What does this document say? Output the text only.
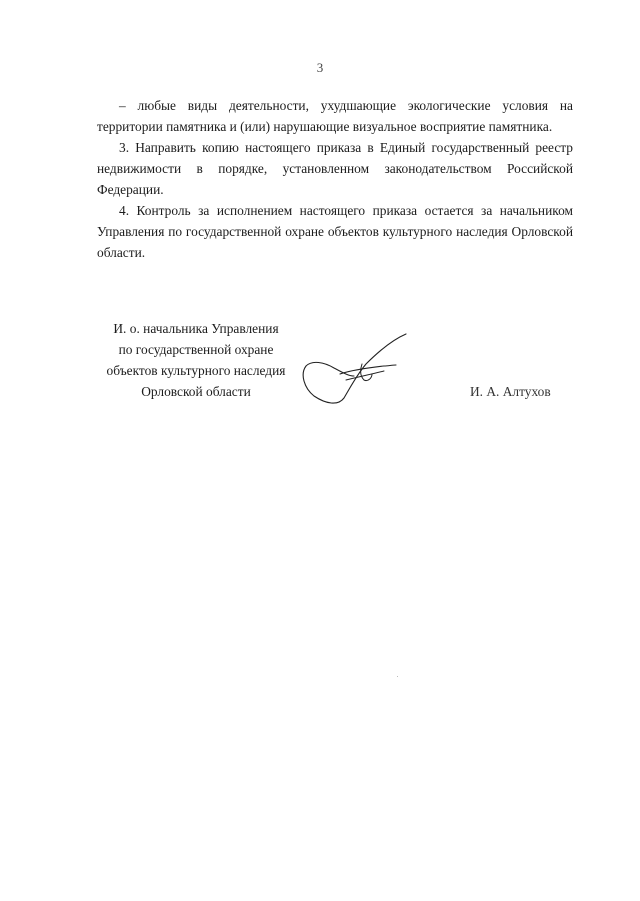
3

– любые виды деятельности, ухудшающие экологические условия на территории памятника и (или) нарушающие визуальное восприятие памятника.

3. Направить копию настоящего приказа в Единый государственный реестр недвижимости в порядке, установленном законодательством Российской Федерации.

4. Контроль за исполнением настоящего приказа остается за начальником Управления по государственной охране объектов культурного наследия Орловской области.

И. о. начальника Управления
по государственной охране
объектов культурного наследия
Орловской области	И. А. Алтухов
